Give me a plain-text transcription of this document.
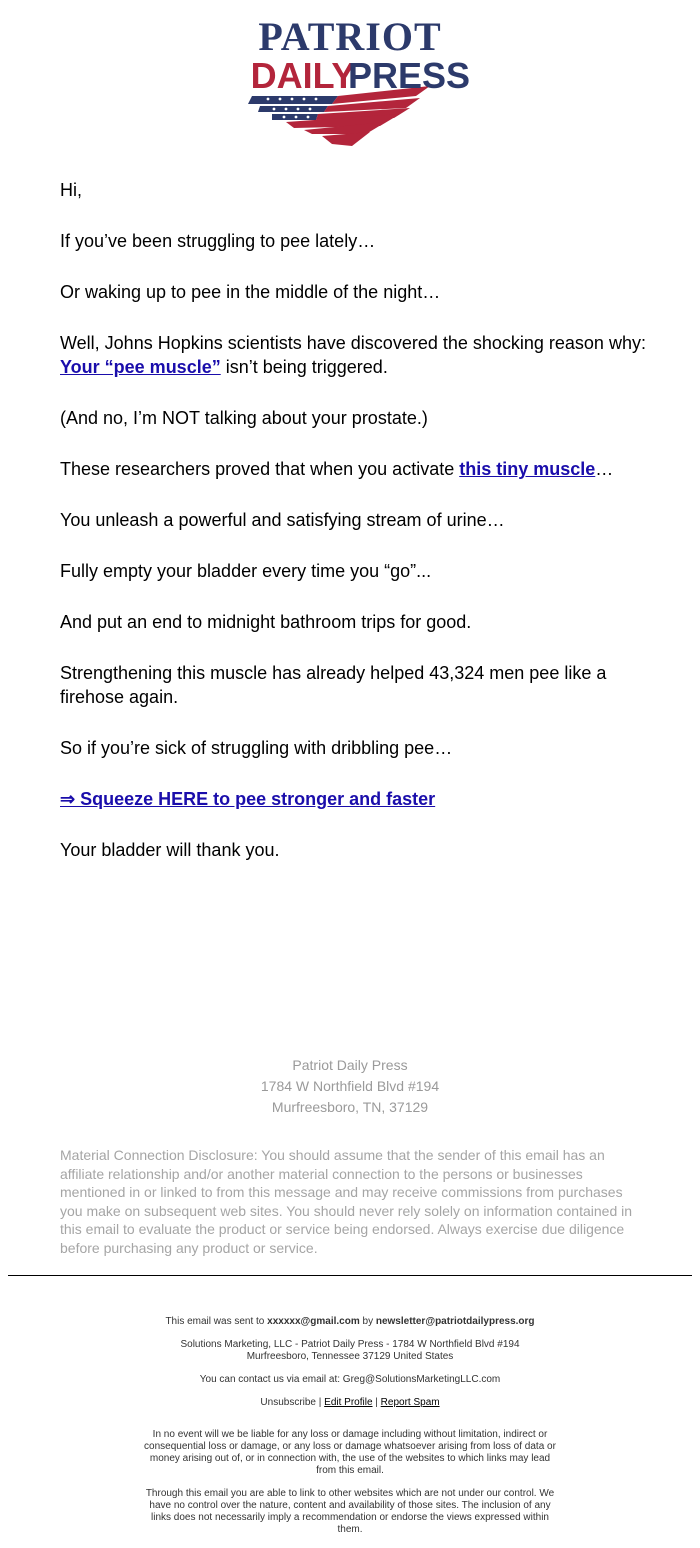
PATRIOT
DAILY
PRESS

Hi,

If you’ve been struggling to pee lately…

Or waking up to pee in the middle of the night…

Well, Johns Hopkins scientists have discovered the shocking reason why:
Your “pee muscle” isn’t being triggered.

(And no, I’m NOT talking about your prostate.)

These researchers proved that when you activate this tiny muscle…

You unleash a powerful and satisfying stream of urine…

Fully empty your bladder every time you “go”...

And put an end to midnight bathroom trips for good.

Strengthening this muscle has already helped 43,324 men pee like a firehose again.

So if you’re sick of struggling with dribbling pee…

⇒ Squeeze HERE to pee stronger and faster

Your bladder will thank you.

Patriot Daily Press
1784 W Northfield Blvd #194
Murfreesboro, TN, 37129
Material Connection Disclosure: You should assume that the sender of this email has an affiliate relationship and/or another material connection to the persons or businesses mentioned in or linked to from this message and may receive commissions from purchases you make on subsequent web sites. You should never rely solely on information contained in this email to evaluate the product or service being endorsed. Always exercise due diligence before purchasing any product or service.

This email was sent to xxxxxx@gmail.com by newsletter@patriotdailypress.org

Solutions Marketing, LLC - Patriot Daily Press - 1784 W Northfield Blvd #194
Murfreesboro, Tennessee 37129 United States

You can contact us via email at: Greg@SolutionsMarketingLLC.com

Unsubscribe | Edit Profile | Report Spam

In no event will we be liable for any loss or damage including without limitation, indirect or consequential loss or damage, or any loss or damage whatsoever arising from loss of data or money arising out of, or in connection with, the use of the websites to which links may lead from this email.

Through this email you are able to link to other websites which are not under our control. We have no control over the nature, content and availability of those sites. The inclusion of any links does not necessarily imply a recommendation or endorse the views expressed within them.
